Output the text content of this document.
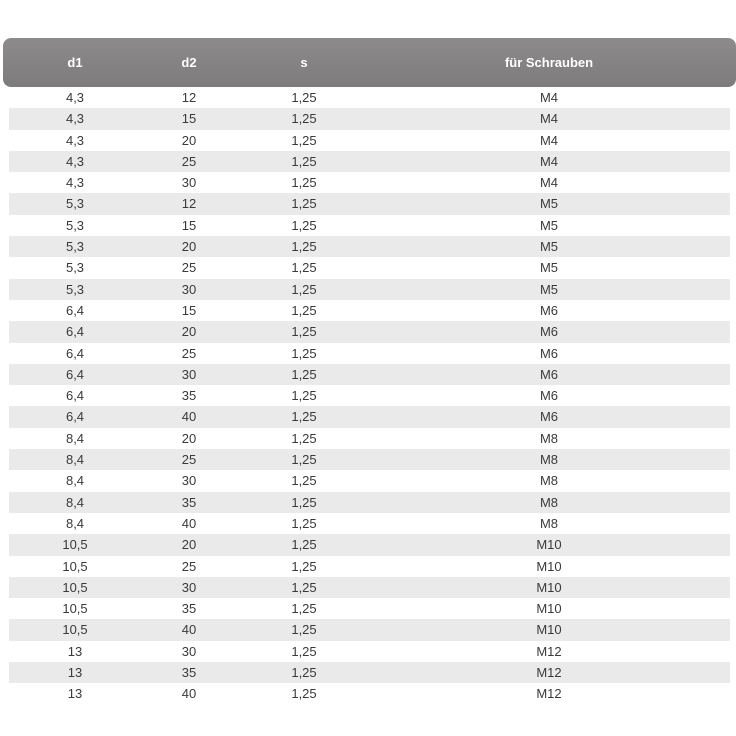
d1	d2	s	für Schrauben
4,3	12	1,25	M4
4,3	15	1,25	M4
4,3	20	1,25	M4
4,3	25	1,25	M4
4,3	30	1,25	M4
5,3	12	1,25	M5
5,3	15	1,25	M5
5,3	20	1,25	M5
5,3	25	1,25	M5
5,3	30	1,25	M5
6,4	15	1,25	M6
6,4	20	1,25	M6
6,4	25	1,25	M6
6,4	30	1,25	M6
6,4	35	1,25	M6
6,4	40	1,25	M6
8,4	20	1,25	M8
8,4	25	1,25	M8
8,4	30	1,25	M8
8,4	35	1,25	M8
8,4	40	1,25	M8
10,5	20	1,25	M10
10,5	25	1,25	M10
10,5	30	1,25	M10
10,5	35	1,25	M10
10,5	40	1,25	M10
13	30	1,25	M12
13	35	1,25	M12
13	40	1,25	M12
